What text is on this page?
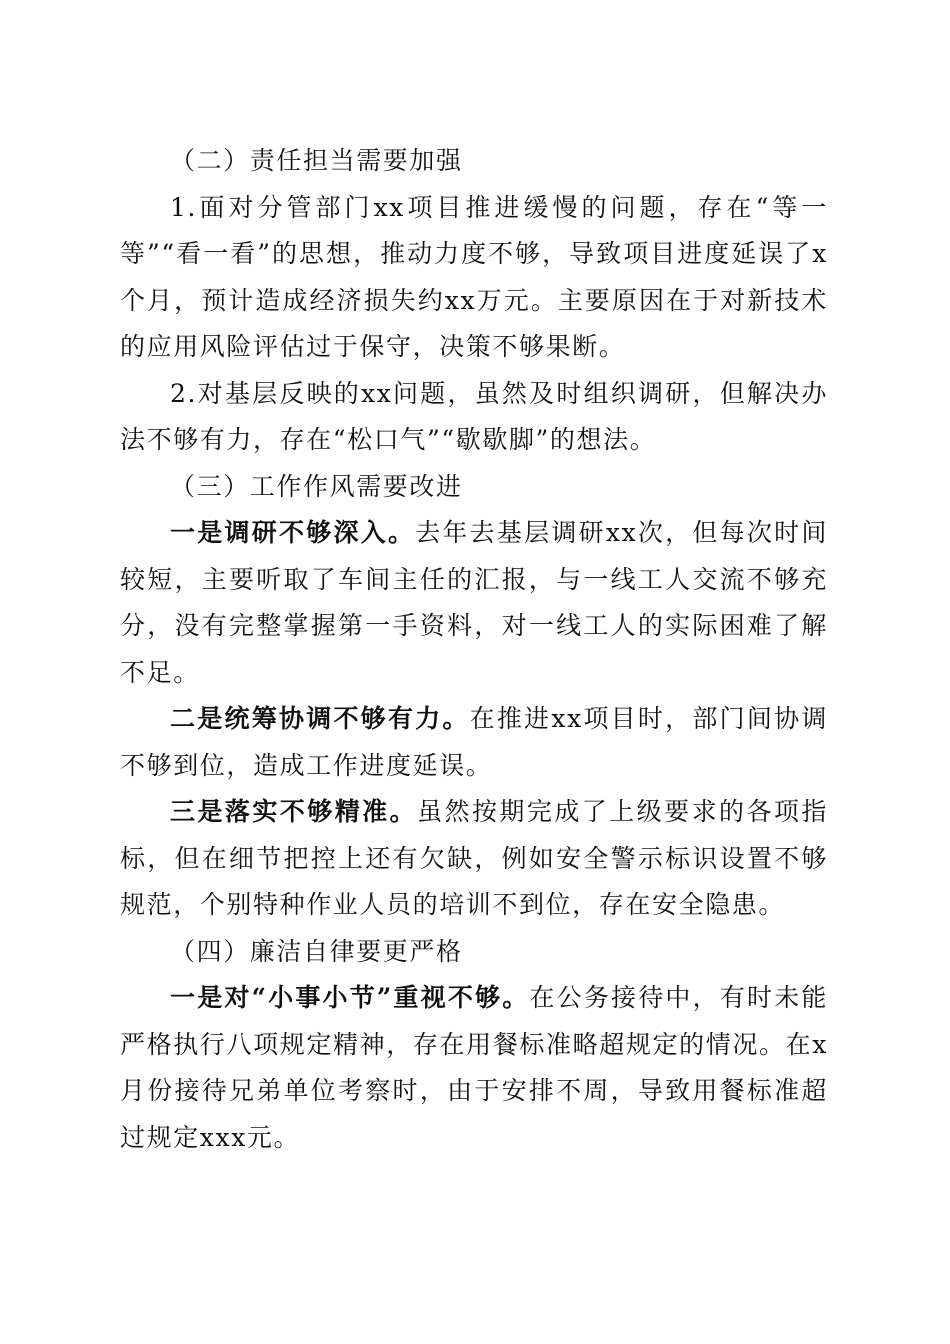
（二）责任担当需要加强

1.面对分管部门xx项目推进缓慢的问题，存在“等一等”“看一看”的思想，推动力度不够，导致项目进度延误了x个月，预计造成经济损失约xx万元。主要原因在于对新技术的应用风险评估过于保守，决策不够果断。

2.对基层反映的xx问题，虽然及时组织调研，但解决办法不够有力，存在“松口气”“歇歇脚”的想法。

（三）工作作风需要改进

一是调研不够深入。去年去基层调研xx次，但每次时间较短，主要听取了车间主任的汇报，与一线工人交流不够充分，没有完整掌握第一手资料，对一线工人的实际困难了解不足。

二是统筹协调不够有力。在推进xx项目时，部门间协调不够到位，造成工作进度延误。

三是落实不够精准。虽然按期完成了上级要求的各项指标，但在细节把控上还有欠缺，例如安全警示标识设置不够规范，个别特种作业人员的培训不到位，存在安全隐患。

（四）廉洁自律要更严格

一是对“小事小节”重视不够。在公务接待中，有时未能严格执行八项规定精神，存在用餐标准略超规定的情况。在x月份接待兄弟单位考察时，由于安排不周，导致用餐标准超过规定xxx元。
